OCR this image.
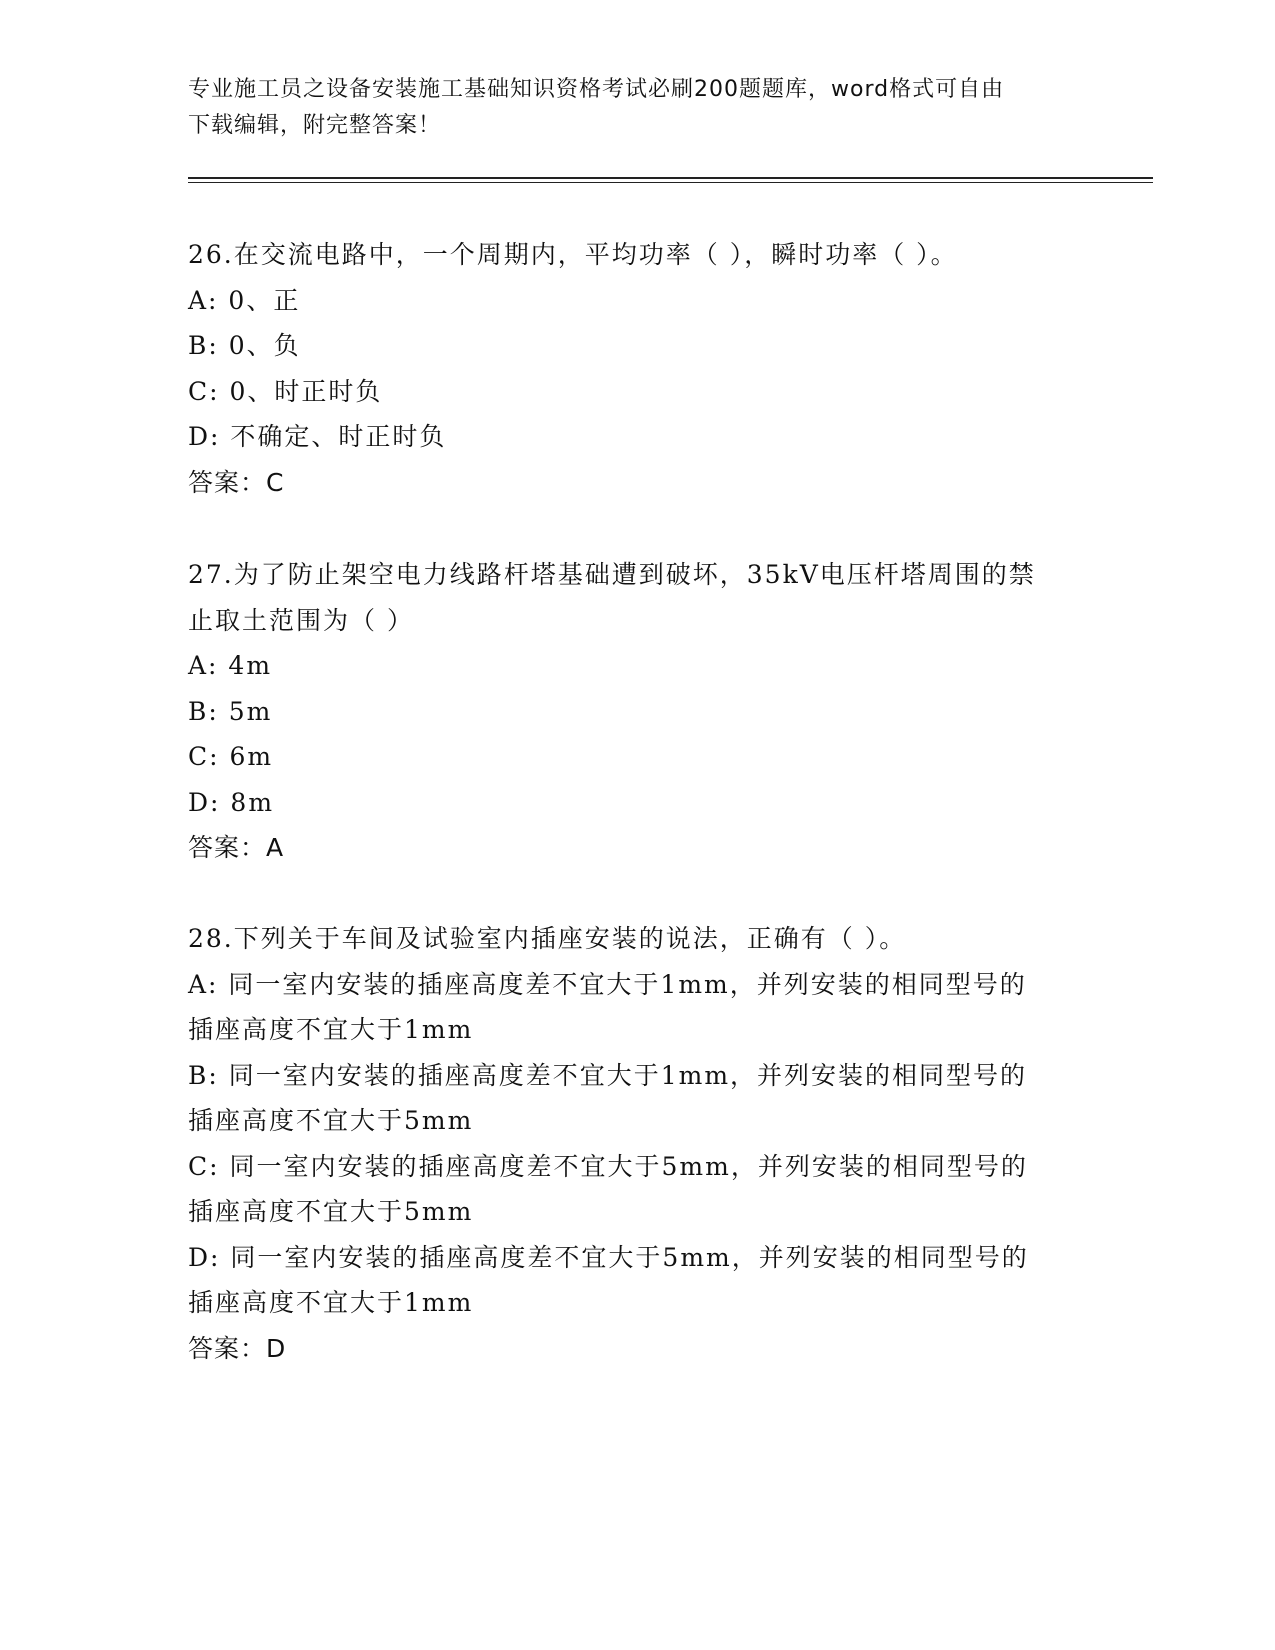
专业施工员之设备安装施工基础知识资格考试必刷200题题库，word格式可自由
下载编辑，附完整答案！
26.在交流电路中，一个周期内，平均功率（ ），瞬时功率（ ）。
A: 0、正
B: 0、负
C: 0、时正时负
D: 不确定、时正时负
答案：C
27.为了防止架空电力线路杆塔基础遭到破坏，35kV电压杆塔周围的禁
止取土范围为（ ）
A: 4m
B: 5m
C: 6m
D: 8m
答案：A
28.下列关于车间及试验室内插座安装的说法，正确有（ ）。
A: 同一室内安装的插座高度差不宜大于1mm，并列安装的相同型号的
插座高度不宜大于1mm
B: 同一室内安装的插座高度差不宜大于1mm，并列安装的相同型号的
插座高度不宜大于5mm
C: 同一室内安装的插座高度差不宜大于5mm，并列安装的相同型号的
插座高度不宜大于5mm
D: 同一室内安装的插座高度差不宜大于5mm，并列安装的相同型号的
插座高度不宜大于1mm
答案：D
